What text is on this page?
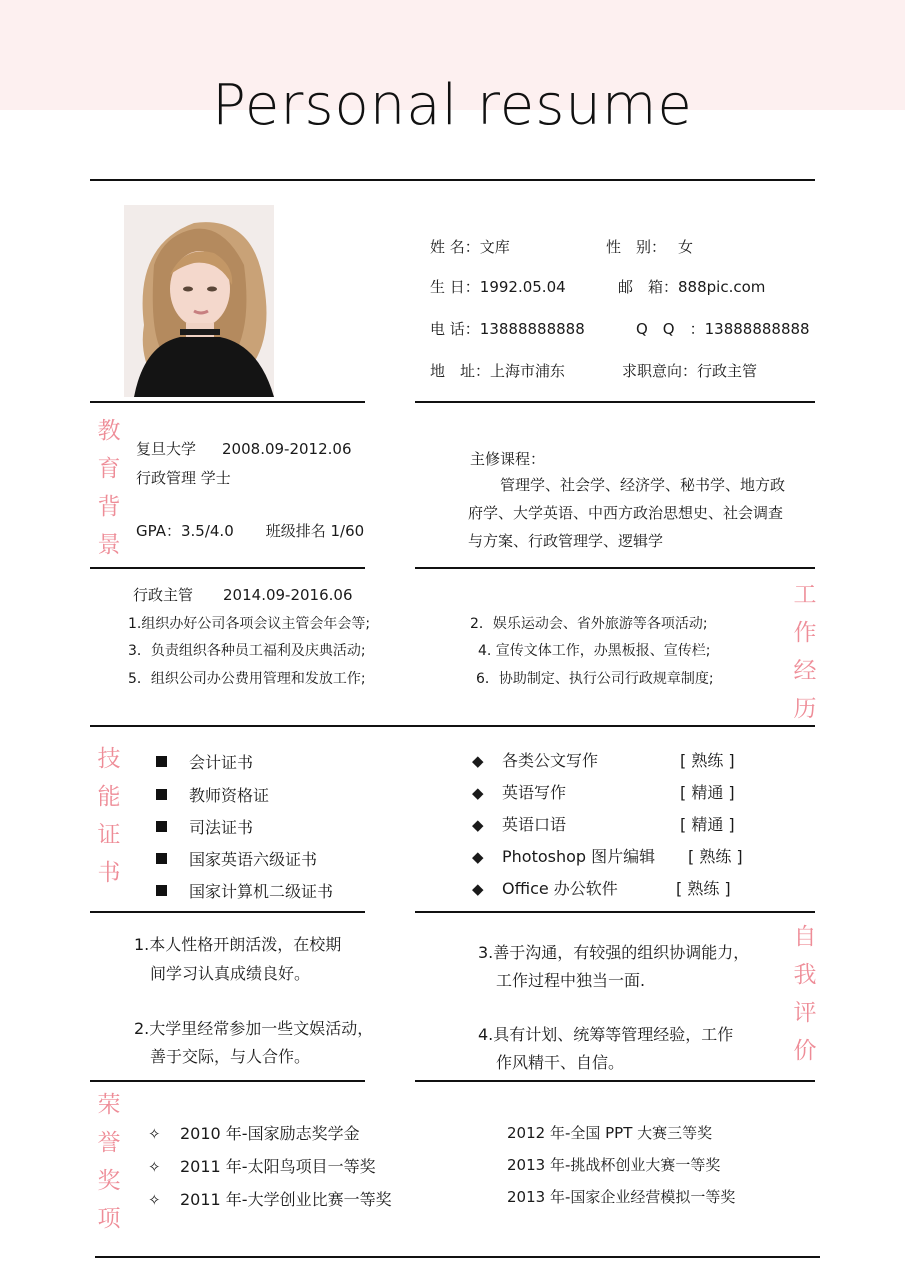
Personal resume
姓 名：文库	性　别： 女
生 日：1992.05.04	邮　箱：888pic.com
电 话：13888888888	Q　Q　：13888888888
地　址：上海市浦东	求职意向：行政主管
教
育
背
景
复旦大学 2008.09-2012.06
行政管理 学士
GPA：3.5/4.0 班级排名 1/60
主修课程：
管理学、社会学、经济学、秘书学、地方政
府学、大学英语、中西方政治思想史、社会调查
与方案、行政管理学、逻辑学
工
作
经
历
行政主管 2014.09-2016.06
1.组织办好公司各项会议主管会年会等;
3．负责组织各种员工福利及庆典活动;
5．组织公司办公费用管理和发放工作;
2．娱乐运动会、省外旅游等各项活动;
4. 宣传文体工作，办黑板报、宣传栏;
6．协助制定、执行公司行政规章制度;
技
能
证
书
会计证书
教师资格证
司法证书
国家英语六级证书
国家计算机二级证书
◆ 各类公文写作	[ 熟练 ]
◆ 英语写作	[ 精通 ]
◆ 英语口语	[ 精通 ]
◆ Photoshop 图片编辑 [ 熟练 ]
◆ Office 办公软件	[ 熟练 ]
自
我
评
价
1.本人性格开朗活泼，在校期
间学习认真成绩良好。
2.大学里经常参加一些文娱活动，
善于交际，与人合作。
3.善于沟通，有较强的组织协调能力，
工作过程中独当一面.
4.具有计划、统筹等管理经验，工作
作风精干、自信。
荣
誉
奖
项
✧ 2010 年-国家励志奖学金
✧ 2011 年-太阳鸟项目一等奖
✧ 2011 年-大学创业比赛一等奖
2012 年-全国 PPT 大赛三等奖
2013 年-挑战杯创业大赛一等奖
2013 年-国家企业经营模拟一等奖
